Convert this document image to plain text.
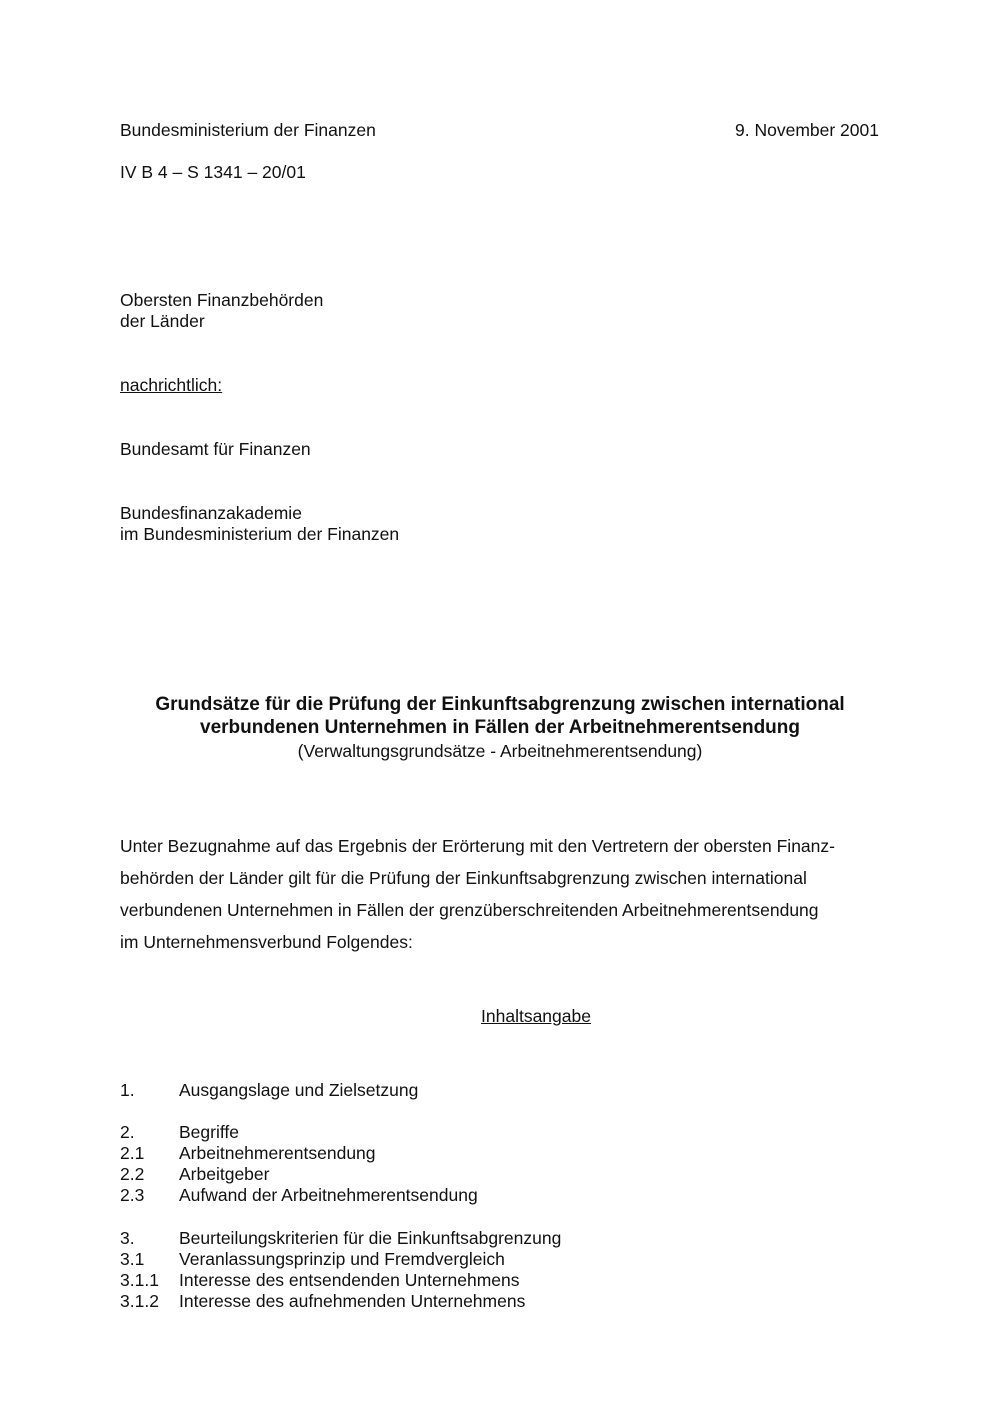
Bundesministerium der Finanzen	9. November 2001
IV B 4 – S 1341 – 20/01
Obersten Finanzbehörden
der Länder
nachrichtlich:
Bundesamt für Finanzen
Bundesfinanzakademie
im Bundesministerium der Finanzen
Grundsätze für die Prüfung der Einkunftsabgrenzung zwischen international
verbundenen Unternehmen in Fällen der Arbeitnehmerentsendung
(Verwaltungsgrundsätze - Arbeitnehmerentsendung)
Unter Bezugnahme auf das Ergebnis der Erörterung mit den Vertretern der obersten Finanz-
behörden der Länder gilt für die Prüfung der Einkunftsabgrenzung zwischen international
verbundenen Unternehmen in Fällen der grenzüberschreitenden Arbeitnehmerentsendung
im Unternehmensverbund Folgendes:
Inhaltsangabe
1.	Ausgangslage und Zielsetzung
2.	Begriffe
2.1 Arbeitnehmerentsendung
2.2 Arbeitgeber
2.3 Aufwand der Arbeitnehmerentsendung
3.	Beurteilungskriterien für die Einkunftsabgrenzung
3.1 Veranlassungsprinzip und Fremdvergleich
3.1.1 Interesse des entsendenden Unternehmens
3.1.2 Interesse des aufnehmenden Unternehmens
